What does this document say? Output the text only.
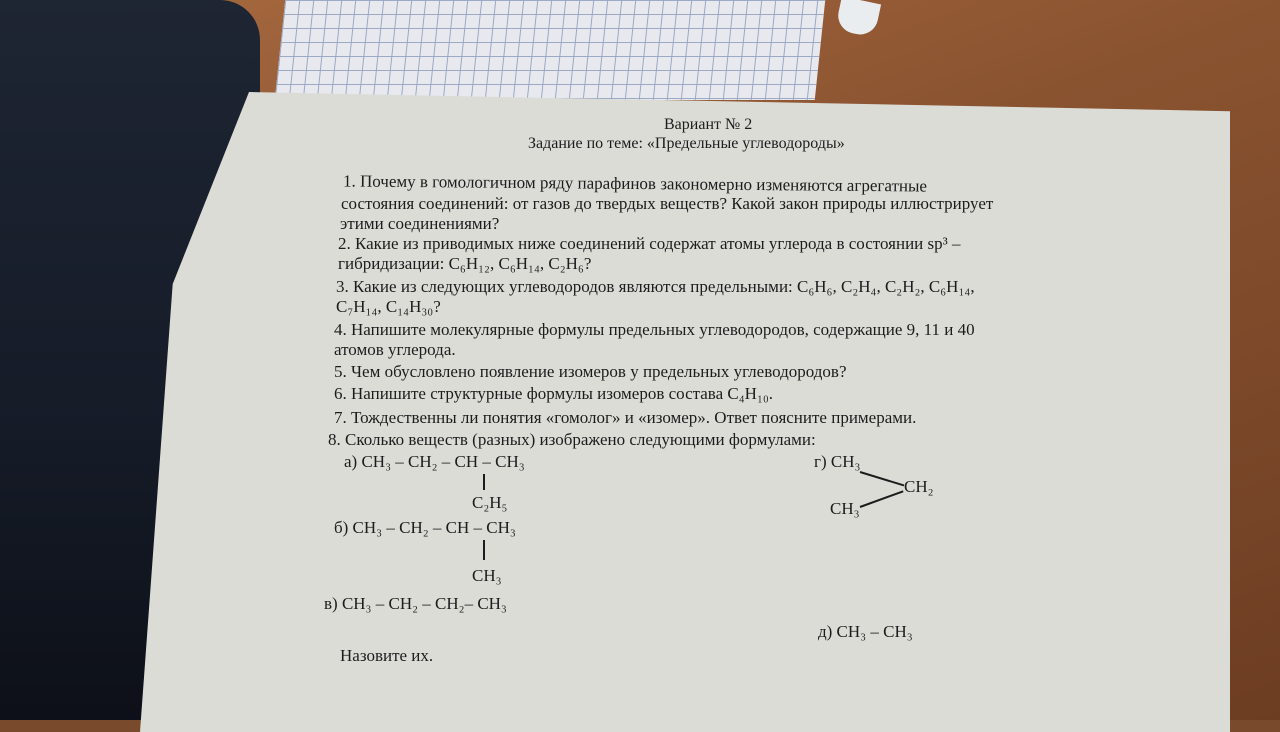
Вариант № 2
Задание по теме: «Предельные углеводороды»
1. Почему в гомологичном ряду парафинов закономерно изменяются агрегатные
состояния соединений: от газов до твердых веществ? Какой закон природы иллюстрирует
этими соединениями?
2. Какие из приводимых ниже соединений содержат атомы углерода в состоянии sp³ –
гибридизации: C₆H₁₂, C₆H₁₄, C₂H₆?
3. Какие из следующих углеводородов являются предельными: C₆H₆, C₂H₄, C₂H₂, C₆H₁₄,
C₇H₁₄, C₁₄H₃₀?
4. Напишите молекулярные формулы предельных углеводородов, содержащие 9, 11 и 40
атомов углерода.
5. Чем обусловлено появление изомеров у предельных углеводородов?
6. Напишите структурные формулы изомеров состава C₄H₁₀.
7. Тождественны ли понятия «гомолог» и «изомер». Ответ поясните примерами.
8. Сколько веществ (разных) изображено следующими формулами:
а) CH₃ – CH₂ – CH – CH₃
C₂H₅
б) CH₃ – CH₂ – CH – CH₃
CH₃
в) CH₃ – CH₂ – CH₂– CH₃
г) CH₃
CH₂
CH₃
д) CH₃ – CH₃
Назовите их.
